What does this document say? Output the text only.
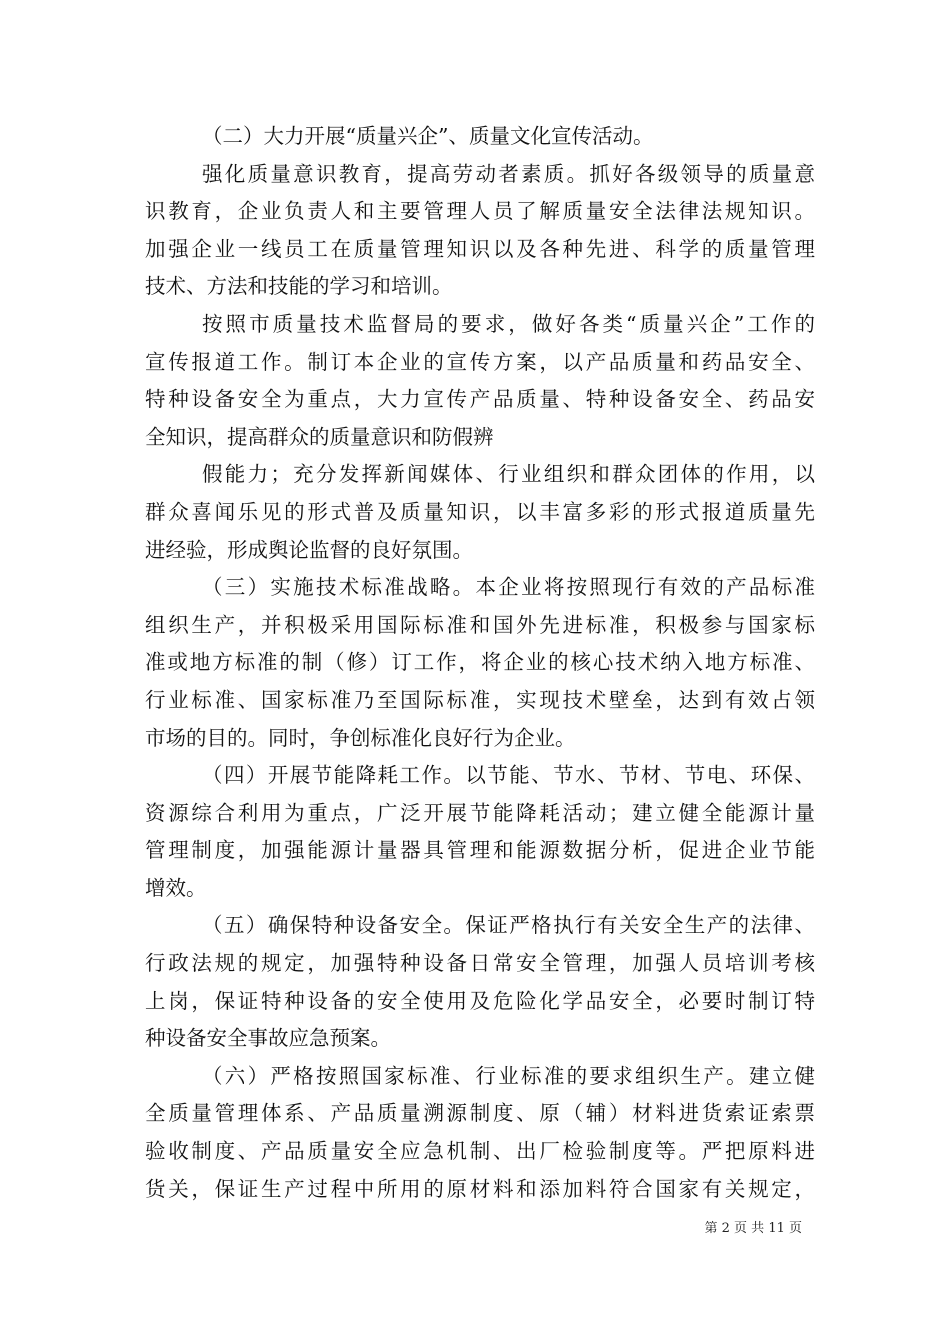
（二）大力开展“质量兴企”、质量文化宣传活动。
强化质量意识教育，提高劳动者素质。抓好各级领导的质量意
识教育，企业负责人和主要管理人员了解质量安全法律法规知识。
加强企业一线员工在质量管理知识以及各种先进、科学的质量管理
技术、方法和技能的学习和培训。
按照市质量技术监督局的要求，做好各类“质量兴企”工作的
宣传报道工作。制订本企业的宣传方案，以产品质量和药品安全、
特种设备安全为重点，大力宣传产品质量、特种设备安全、药品安
全知识，提高群众的质量意识和防假辨
假能力；充分发挥新闻媒体、行业组织和群众团体的作用，以
群众喜闻乐见的形式普及质量知识，以丰富多彩的形式报道质量先
进经验，形成舆论监督的良好氛围。
（三）实施技术标准战略。本企业将按照现行有效的产品标准
组织生产，并积极采用国际标准和国外先进标准，积极参与国家标
准或地方标准的制（修）订工作，将企业的核心技术纳入地方标准、
行业标准、国家标准乃至国际标准，实现技术壁垒，达到有效占领
市场的目的。同时，争创标准化良好行为企业。
（四）开展节能降耗工作。以节能、节水、节材、节电、环保、
资源综合利用为重点，广泛开展节能降耗活动；建立健全能源计量
管理制度，加强能源计量器具管理和能源数据分析，促进企业节能
增效。
（五）确保特种设备安全。保证严格执行有关安全生产的法律、
行政法规的规定，加强特种设备日常安全管理，加强人员培训考核
上岗，保证特种设备的安全使用及危险化学品安全，必要时制订特
种设备安全事故应急预案。
（六）严格按照国家标准、行业标准的要求组织生产。建立健
全质量管理体系、产品质量溯源制度、原（辅）材料进货索证索票
验收制度、产品质量安全应急机制、出厂检验制度等。严把原料进
货关，保证生产过程中所用的原材料和添加料符合国家有关规定，
第 2 页 共 11 页
